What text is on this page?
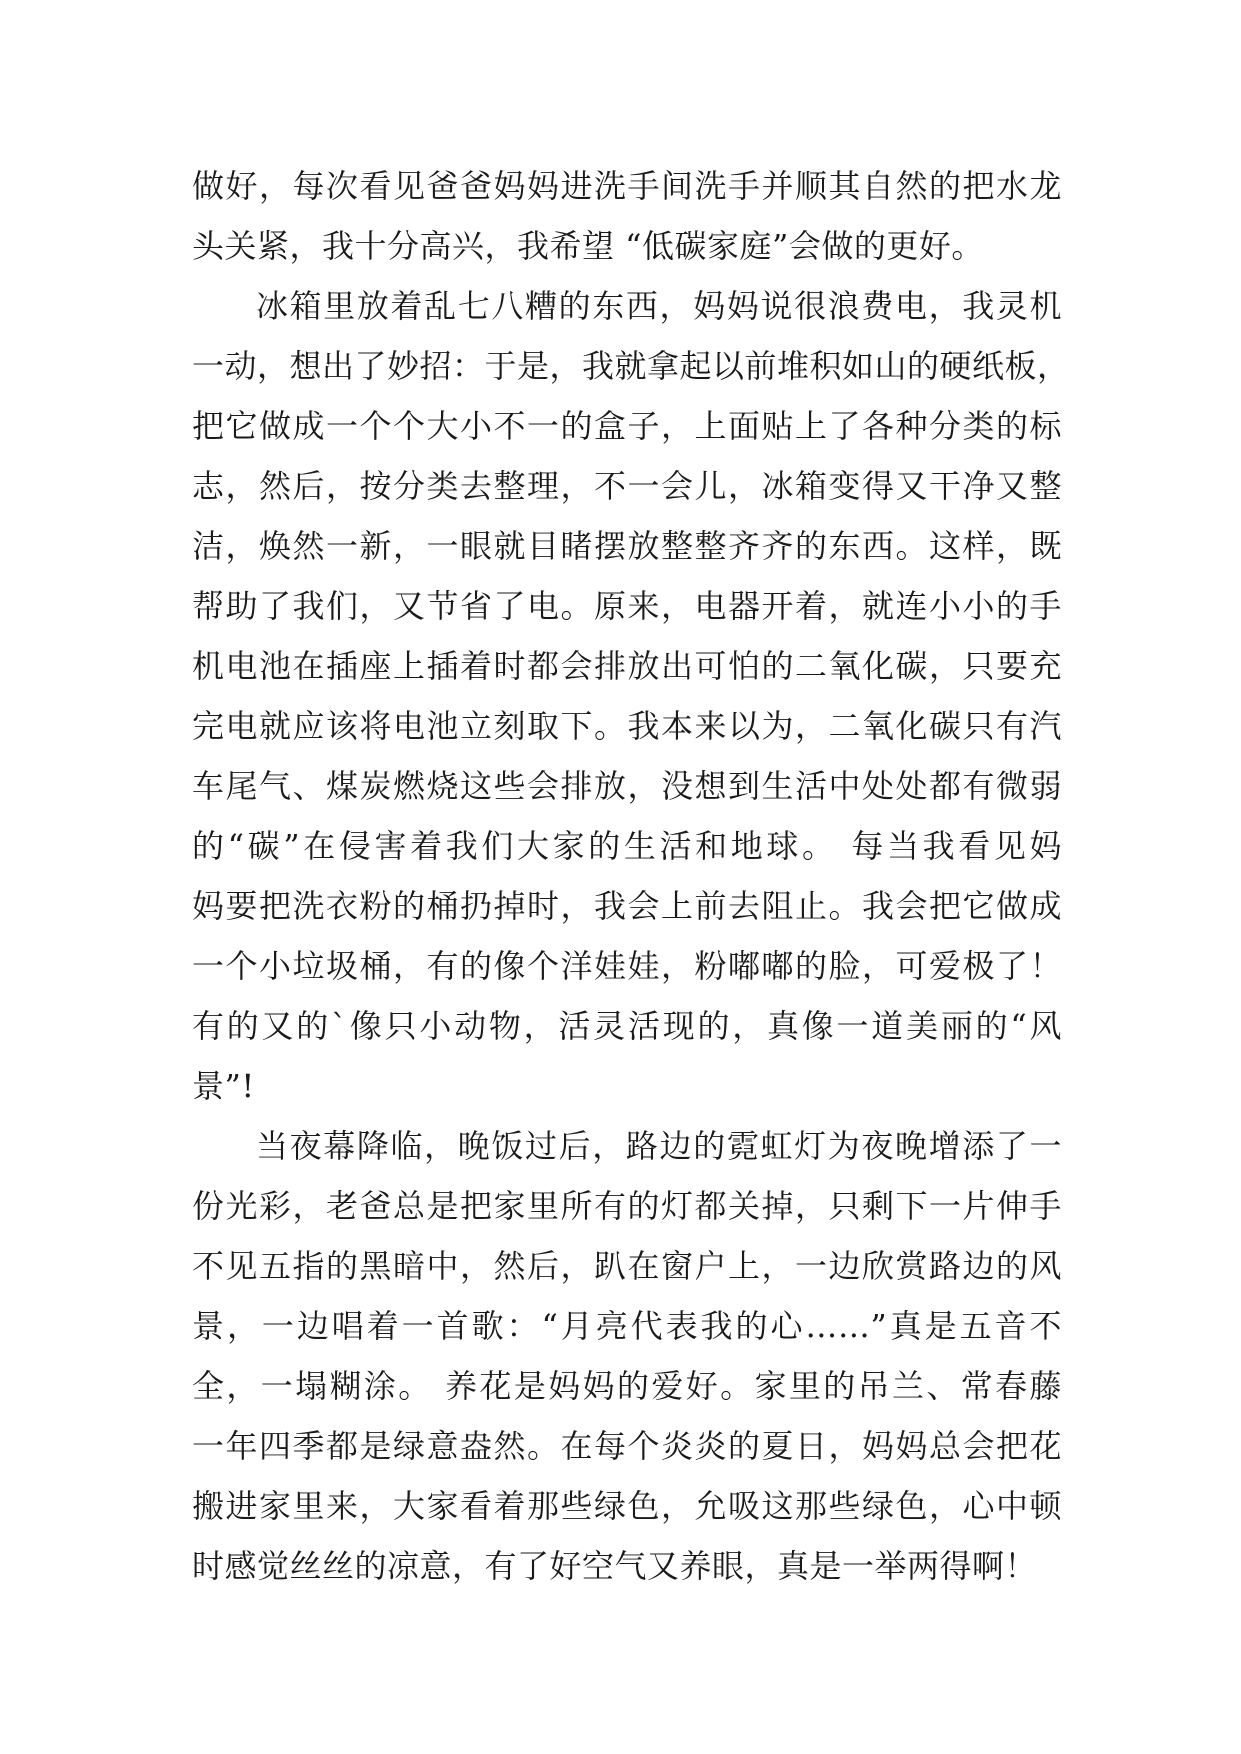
做好，每次看见爸爸妈妈进洗手间洗手并顺其自然的把水龙
头关紧，我十分高兴，我希望 “低碳家庭”会做的更好。
冰箱里放着乱七八糟的东西，妈妈说很浪费电，我灵机
一动，想出了妙招：于是，我就拿起以前堆积如山的硬纸板，
把它做成一个个大小不一的盒子，上面贴上了各种分类的标
志，然后，按分类去整理，不一会儿，冰箱变得又干净又整
洁，焕然一新，一眼就目睹摆放整整齐齐的东西。这样，既
帮助了我们，又节省了电。原来，电器开着，就连小小的手
机电池在插座上插着时都会排放出可怕的二氧化碳，只要充
完电就应该将电池立刻取下。我本来以为，二氧化碳只有汽
车尾气、煤炭燃烧这些会排放，没想到生活中处处都有微弱
的“碳”在侵害着我们大家的生活和地球。 每当我看见妈
妈要把洗衣粉的桶扔掉时，我会上前去阻止。我会把它做成
一个小垃圾桶，有的像个洋娃娃，粉嘟嘟的脸，可爱极了！
有的又的`像只小动物，活灵活现的，真像一道美丽的“风
景”!
当夜幕降临，晚饭过后，路边的霓虹灯为夜晚增添了一
份光彩，老爸总是把家里所有的灯都关掉，只剩下一片伸手
不见五指的黑暗中，然后，趴在窗户上，一边欣赏路边的风
景，一边唱着一首歌：“月亮代表我的心……”真是五音不
全，一塌糊涂。 养花是妈妈的爱好。家里的吊兰、常春藤
一年四季都是绿意盎然。在每个炎炎的夏日，妈妈总会把花
搬进家里来，大家看着那些绿色，允吸这那些绿色，心中顿
时感觉丝丝的凉意，有了好空气又养眼，真是一举两得啊！
